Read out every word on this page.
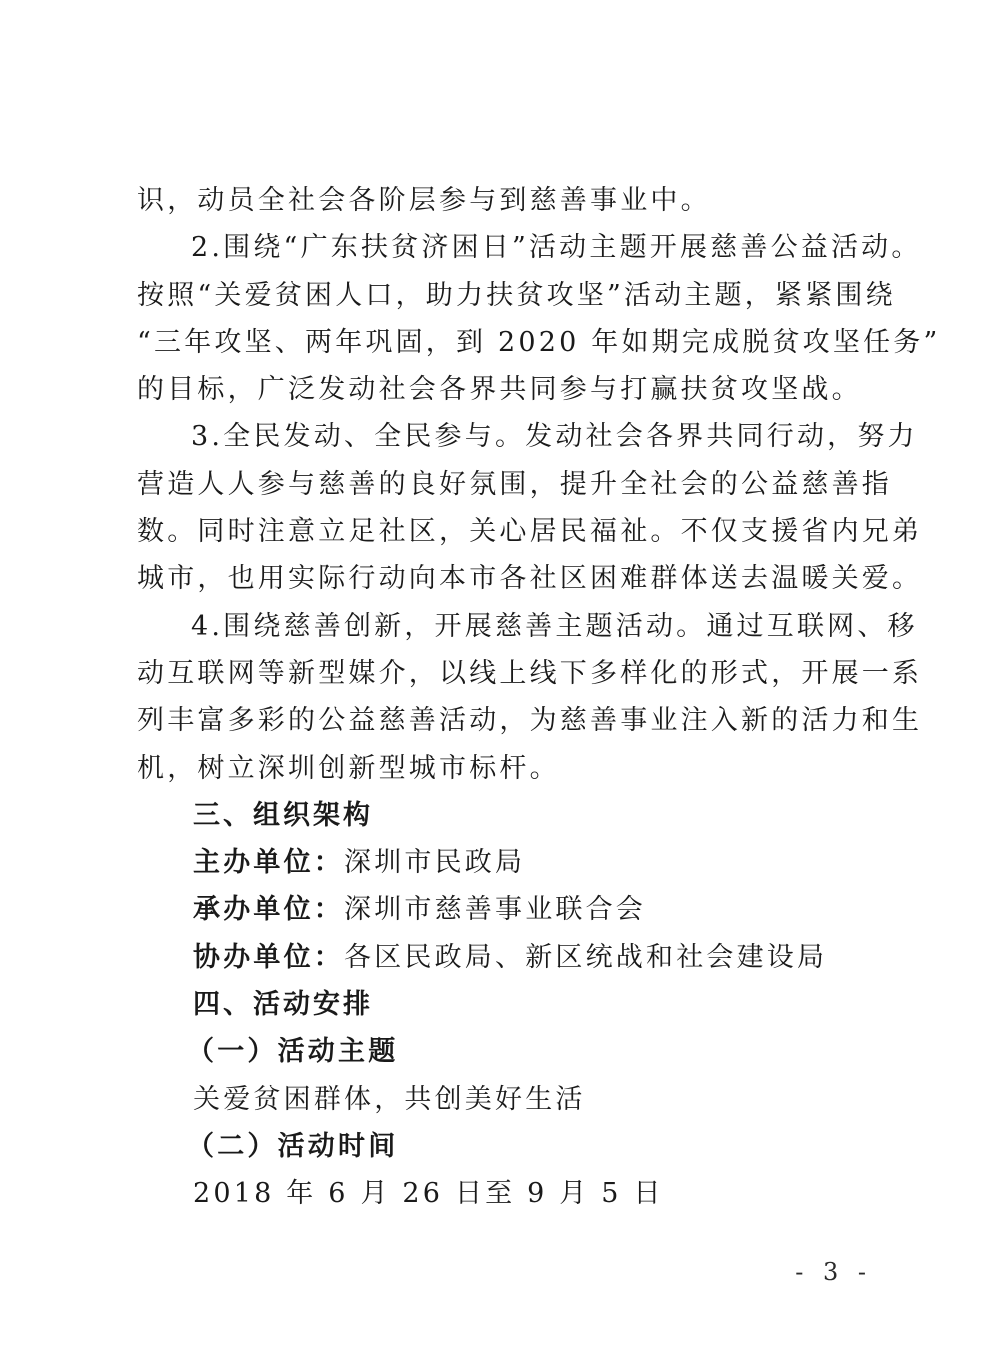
识，动员全社会各阶层参与到慈善事业中。
2.围绕“广东扶贫济困日”活动主题开展慈善公益活动。
按照“关爱贫困人口，助力扶贫攻坚”活动主题，紧紧围绕
“三年攻坚、两年巩固，到 2020 年如期完成脱贫攻坚任务”
的目标，广泛发动社会各界共同参与打赢扶贫攻坚战。
3.全民发动、全民参与。发动社会各界共同行动，努力
营造人人参与慈善的良好氛围，提升全社会的公益慈善指
数。同时注意立足社区，关心居民福祉。不仅支援省内兄弟
城市，也用实际行动向本市各社区困难群体送去温暖关爱。
4.围绕慈善创新，开展慈善主题活动。通过互联网、移
动互联网等新型媒介，以线上线下多样化的形式，开展一系
列丰富多彩的公益慈善活动，为慈善事业注入新的活力和生
机，树立深圳创新型城市标杆。
三、组织架构
主办单位：深圳市民政局
承办单位：深圳市慈善事业联合会
协办单位：各区民政局、新区统战和社会建设局
四、活动安排
（一）活动主题
关爱贫困群体，共创美好生活
（二）活动时间
2018 年 6 月 26 日至 9 月 5 日
- 3 -
